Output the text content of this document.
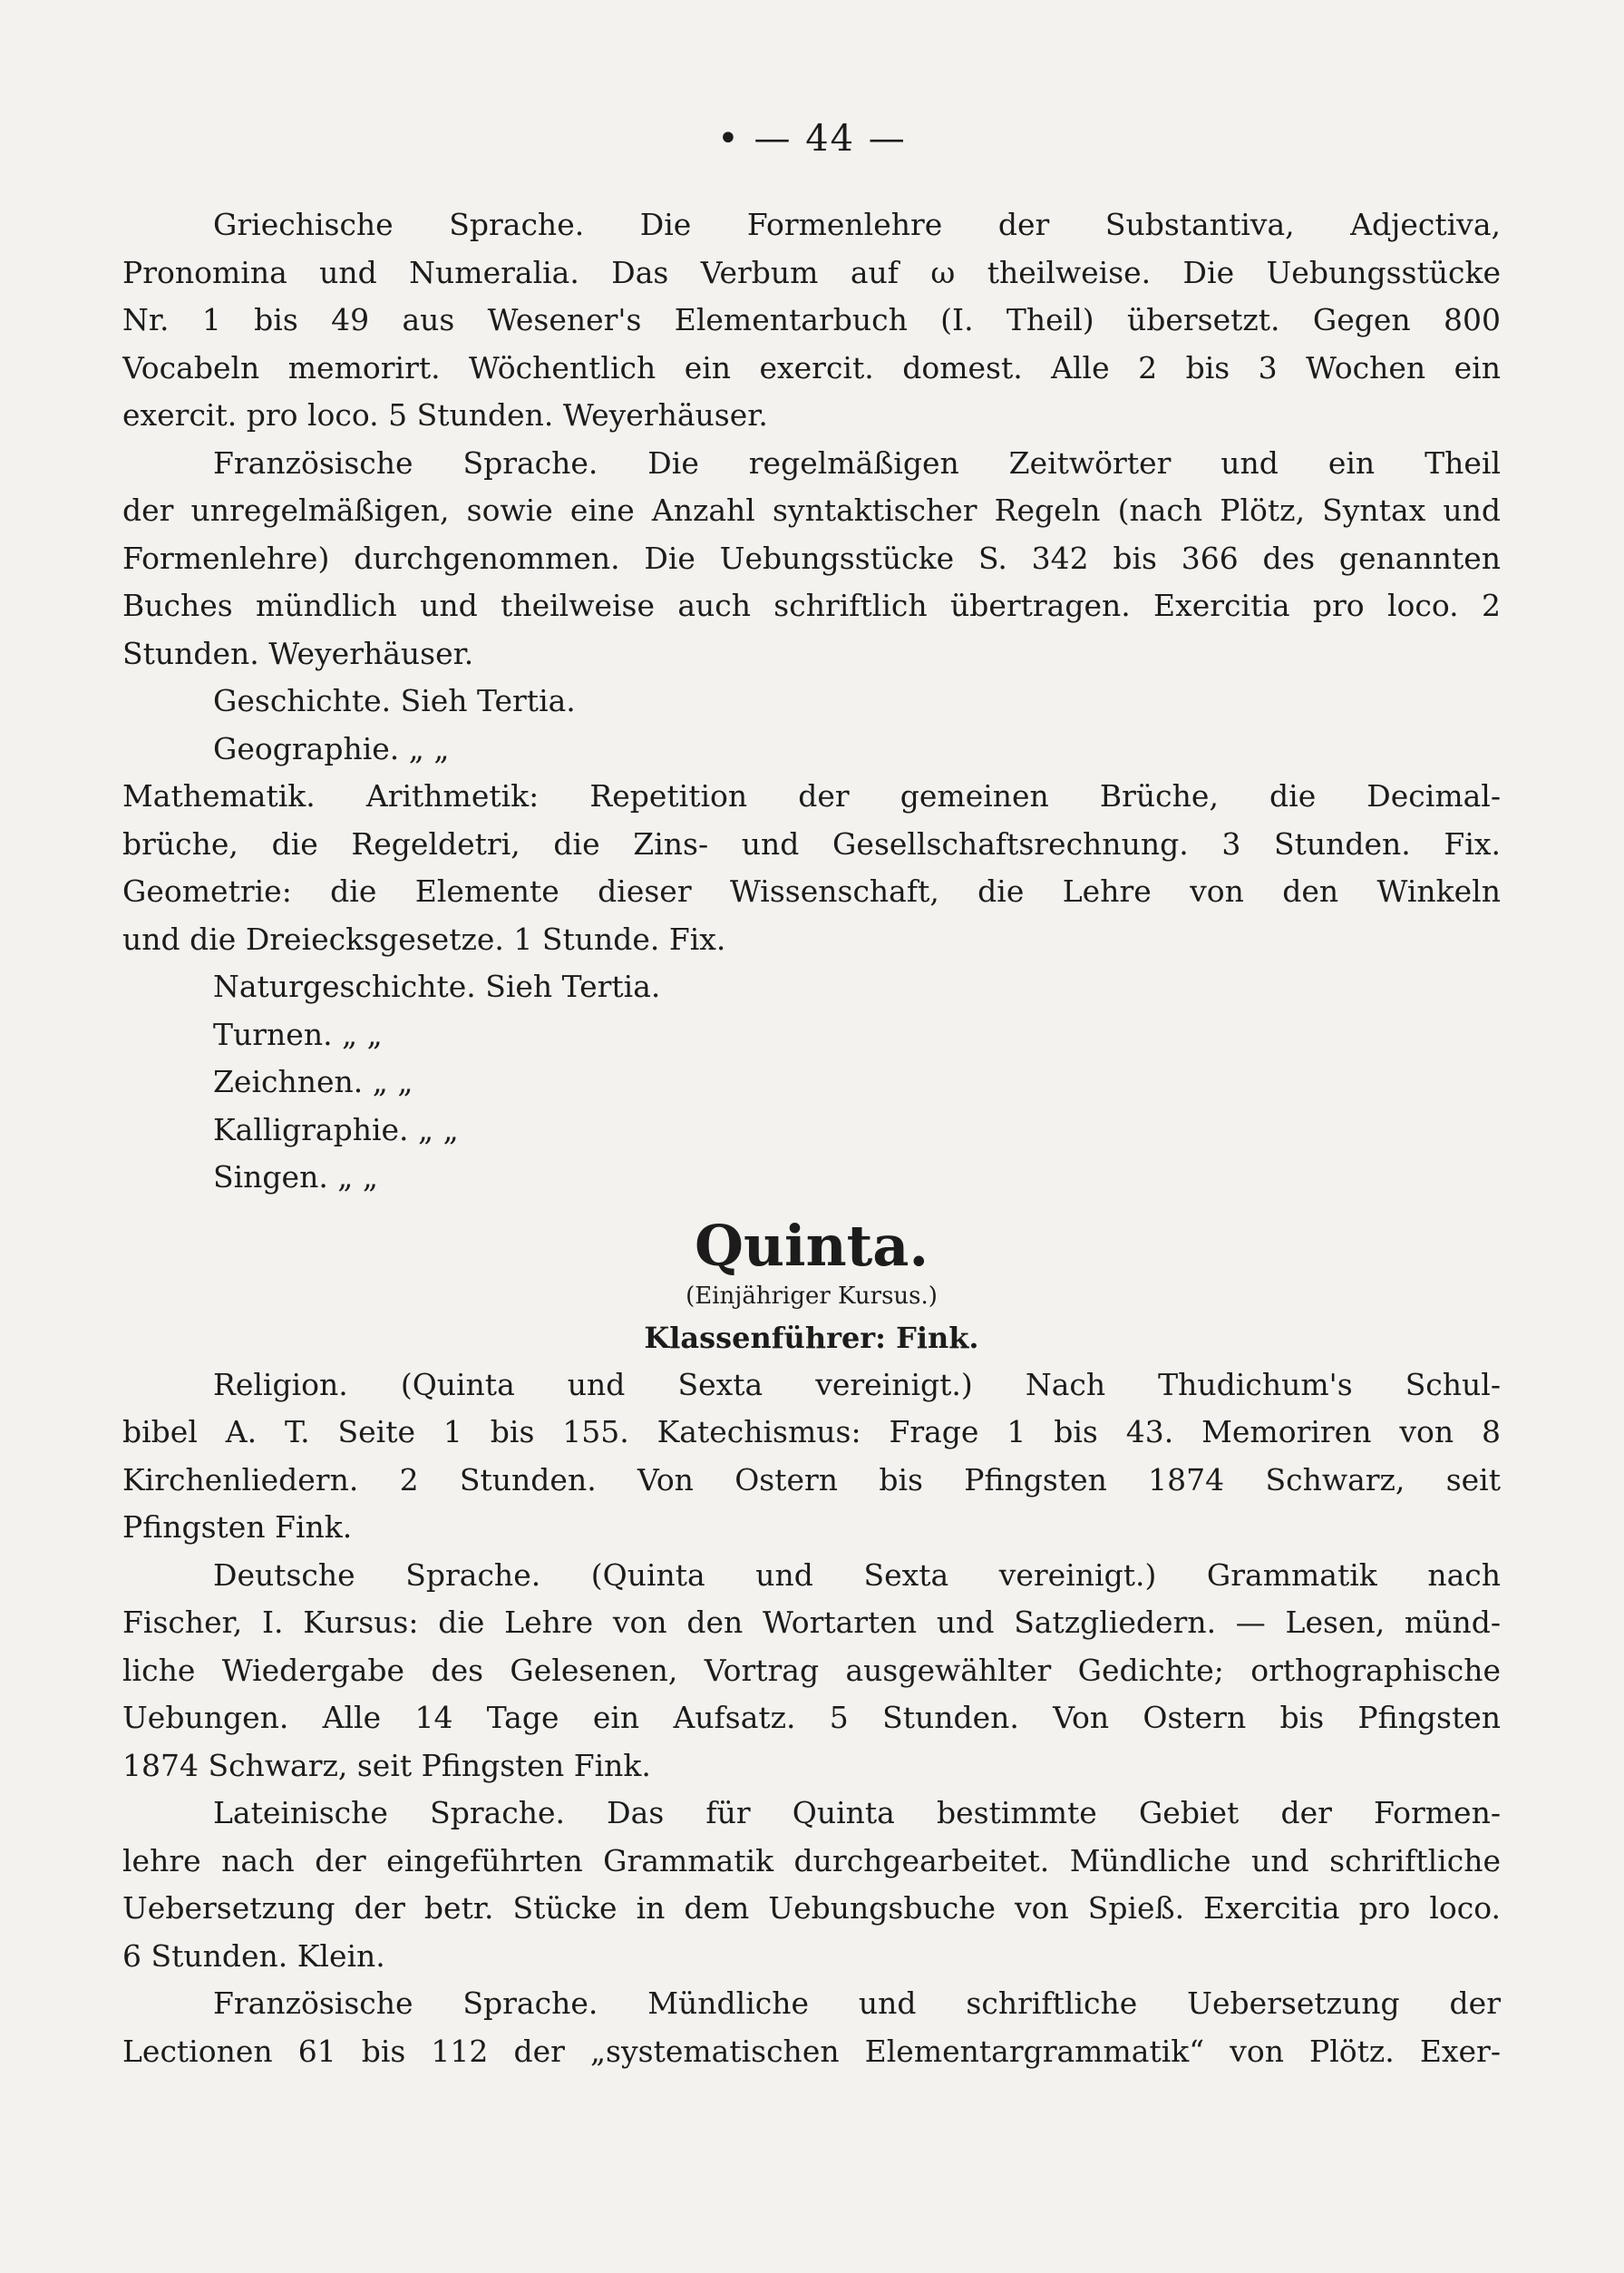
• — 44 —
Griechische Sprache. Die Formenlehre der Substantiva, Adjectiva,
Pronomina und Numeralia. Das Verbum auf ω theilweise. Die Uebungsstücke
Nr. 1 bis 49 aus Wesener's Elementarbuch (I. Theil) übersetzt. Gegen 800
Vocabeln memorirt. Wöchentlich ein exercit. domest. Alle 2 bis 3 Wochen ein
exercit. pro loco. 5 Stunden. Weyerhäuser.
Französische Sprache. Die regelmäßigen Zeitwörter und ein Theil
der unregelmäßigen, sowie eine Anzahl syntaktischer Regeln (nach Plötz, Syntax und
Formenlehre) durchgenommen. Die Uebungsstücke S. 342 bis 366 des genannten
Buches mündlich und theilweise auch schriftlich übertragen. Exercitia pro loco. 2
Stunden. Weyerhäuser.
Geschichte. Sieh Tertia.
Geographie. „ „
Mathematik. Arithmetik: Repetition der gemeinen Brüche, die Decimal-
brüche, die Regeldetri, die Zins- und Gesellschaftsrechnung. 3 Stunden. Fix.
Geometrie: die Elemente dieser Wissenschaft, die Lehre von den Winkeln
und die Dreiecksgesetze. 1 Stunde. Fix.
Naturgeschichte. Sieh Tertia.
Turnen. „ „
Zeichnen. „ „
Kalligraphie. „ „
Singen. „ „
Quinta.
(Einjähriger Kursus.)
Klassenführer: Fink.
Religion. (Quinta und Sexta vereinigt.) Nach Thudichum's Schul-
bibel A. T. Seite 1 bis 155. Katechismus: Frage 1 bis 43. Memoriren von 8
Kirchenliedern. 2 Stunden. Von Ostern bis Pfingsten 1874 Schwarz, seit
Pfingsten Fink.
Deutsche Sprache. (Quinta und Sexta vereinigt.) Grammatik nach
Fischer, I. Kursus: die Lehre von den Wortarten und Satzgliedern. — Lesen, münd-
liche Wiedergabe des Gelesenen, Vortrag ausgewählter Gedichte; orthographische
Uebungen. Alle 14 Tage ein Aufsatz. 5 Stunden. Von Ostern bis Pfingsten
1874 Schwarz, seit Pfingsten Fink.
Lateinische Sprache. Das für Quinta bestimmte Gebiet der Formen-
lehre nach der eingeführten Grammatik durchgearbeitet. Mündliche und schriftliche
Uebersetzung der betr. Stücke in dem Uebungsbuche von Spieß. Exercitia pro loco.
6 Stunden. Klein.
Französische Sprache. Mündliche und schriftliche Uebersetzung der
Lectionen 61 bis 112 der „systematischen Elementargrammatik“ von Plötz. Exer-
